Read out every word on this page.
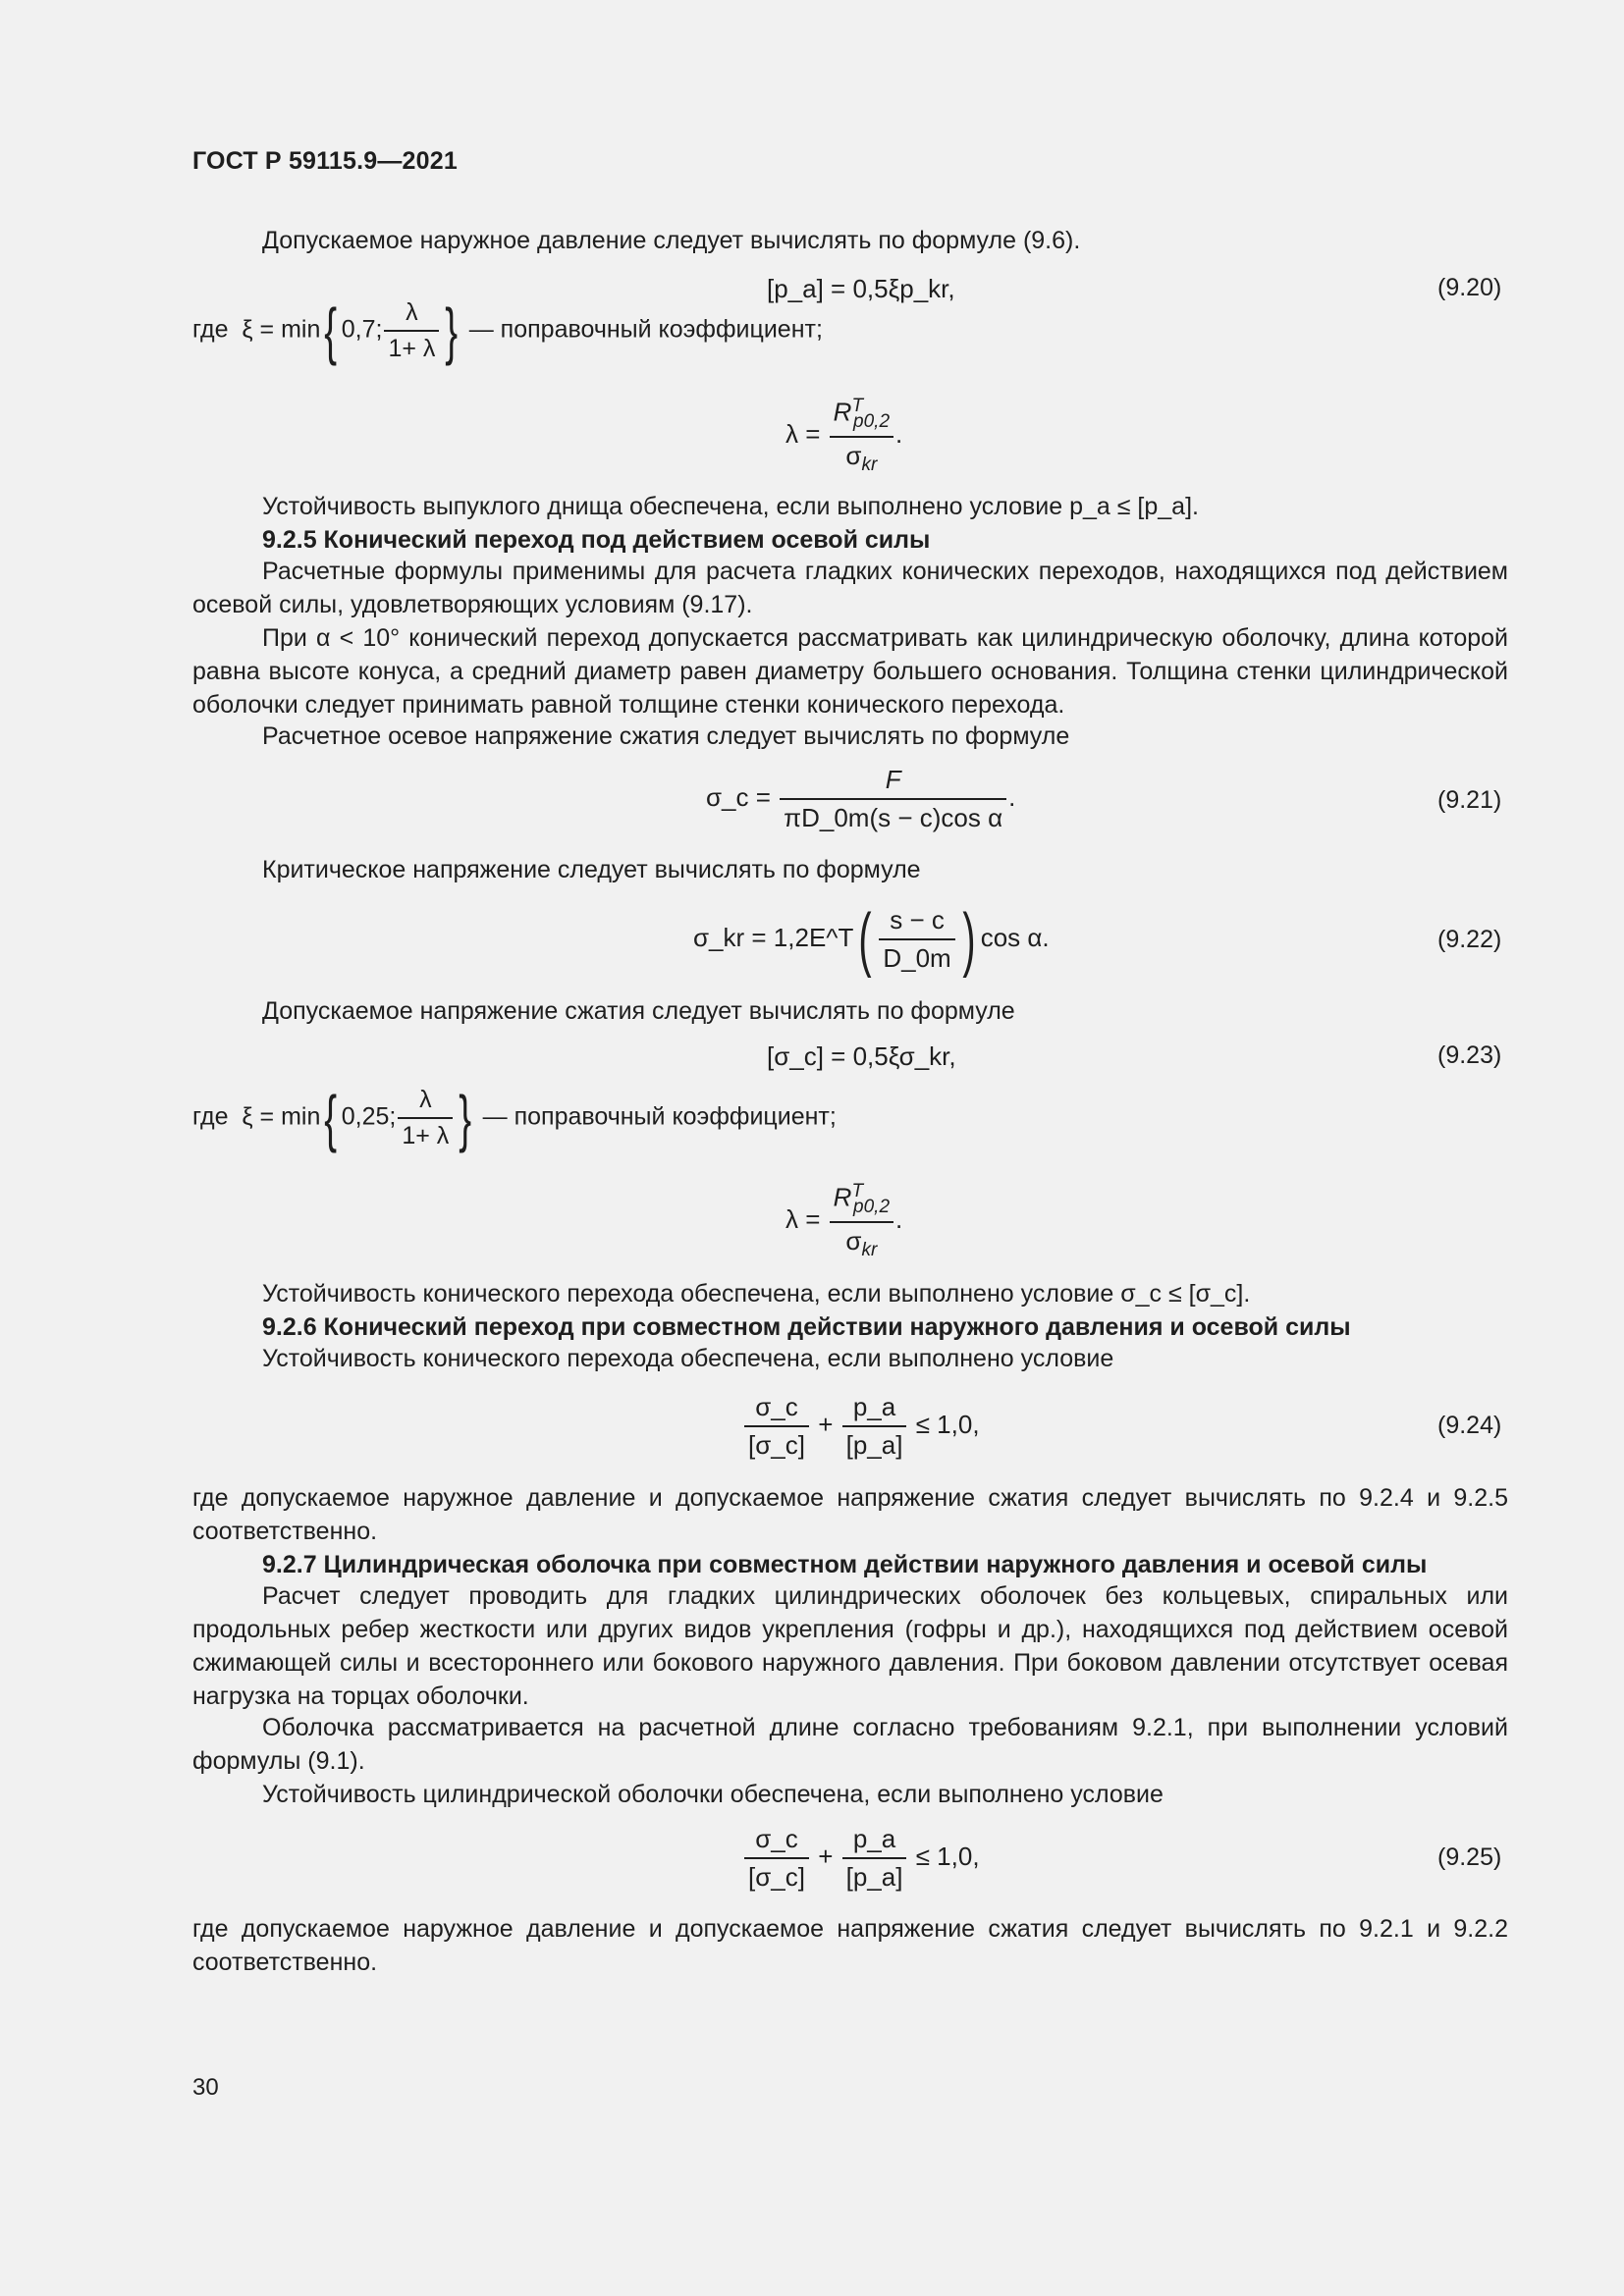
ГОСТ Р 59115.9—2021
Допускаемое наружное давление следует вычислять по формуле (9.6).
[p_a] = 0,5ξp_kr,	(9.20)
где ξ = min{ 0,7; $\frac{\lambda}{1+ \lambda}$ } — поправочный коэффициент;
$\lambda = \frac{R^T_{p0,2}}{\sigma_{kr}}$ .
Устойчивость выпуклого днища обеспечена, если выполнено условие p_a ≤ [p_a].
9.2.5 Конический переход под действием осевой силы
Расчетные формулы применимы для расчета гладких конических переходов, находящихся под действием осевой силы, удовлетворяющих условиям (9.17).
При α < 10° конический переход допускается рассматривать как цилиндрическую оболочку, длина которой равна высоте конуса, а средний диаметр равен диаметру большего основания. Толщина стенки цилиндрической оболочки следует принимать равной толщине стенки конического перехода.
Расчетное осевое напряжение сжатия следует вычислять по формуле
σ_c = $\frac{F}{\text{πD\_0m(s − c)cos α}}$ .	(9.21)
Критическое напряжение следует вычислять по формуле
σ_kr = 1,2E^T( $\frac{s - c}{D\_0m}$ ) cos α.	(9.22)
Допускаемое напряжение сжатия следует вычислять по формуле
[σ_c] = 0,5ξσ_kr,	(9.23)
где ξ = min{ 0,25; $\frac{\lambda}{1+ \lambda}$ } — поправочный коэффициент;
$\lambda = \frac{R^T_{p0,2}}{\sigma_{kr}}$ .
Устойчивость конического перехода обеспечена, если выполнено условие σ_c ≤ [σ_c].
9.2.6 Конический переход при совместном действии наружного давления и осевой силы
Устойчивость конического перехода обеспечена, если выполнено условие
$\frac{\sigma\_c}{[\sigma\_c]} + \frac{p\_a}{[p\_a]} \le 1,0$,	(9.24)
где допускаемое наружное давление и допускаемое напряжение сжатия следует вычислять по 9.2.4 и 9.2.5 соответственно.
9.2.7 Цилиндрическая оболочка при совместном действии наружного давления и осевой силы
Расчет следует проводить для гладких цилиндрических оболочек без кольцевых, спиральных или продольных ребер жесткости или других видов укрепления (гофры и др.), находящихся под действием осевой сжимающей силы и всестороннего или бокового наружного давления. При боковом давлении отсутствует осевая нагрузка на торцах оболочки.
Оболочка рассматривается на расчетной длине согласно требованиям 9.2.1, при выполнении условий формулы (9.1).
Устойчивость цилиндрической оболочки обеспечена, если выполнено условие
$\frac{\sigma\_c}{[\sigma\_c]} + \frac{p\_a}{[p\_a]} \le 1,0$,	(9.25)
где допускаемое наружное давление и допускаемое напряжение сжатия следует вычислять по 9.2.1 и 9.2.2 соответственно.
30
